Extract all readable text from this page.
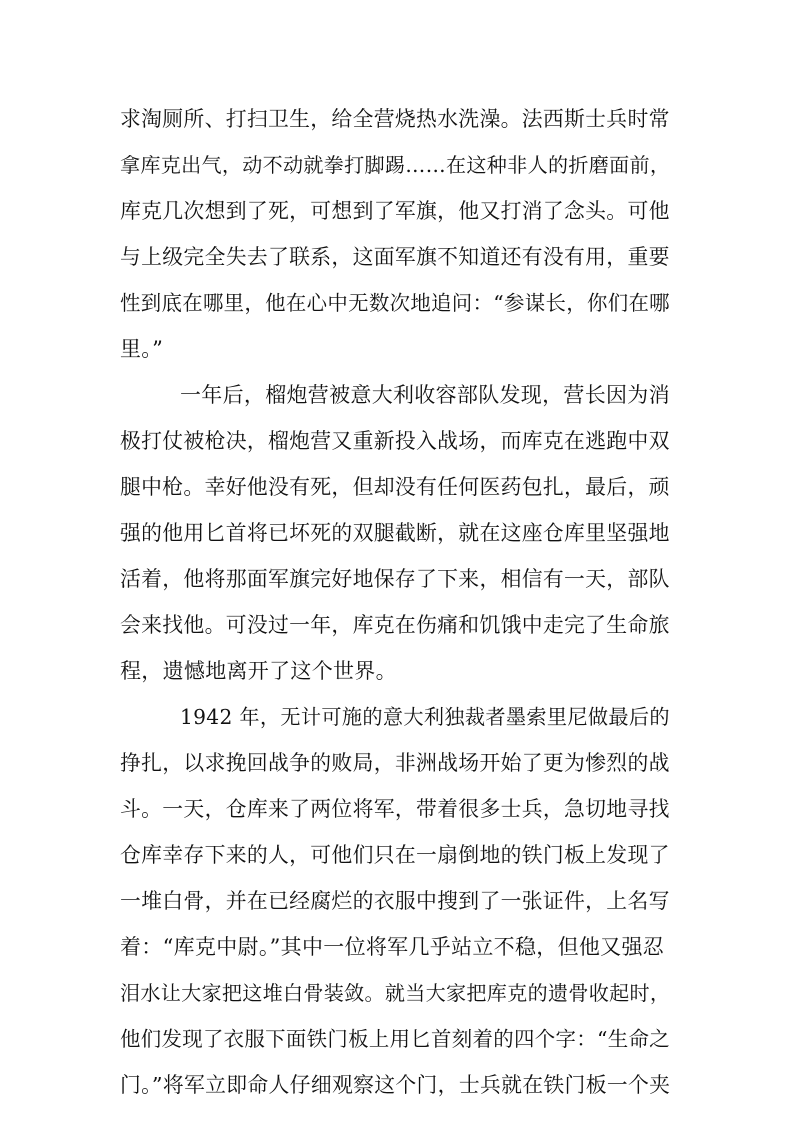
求淘厕所、打扫卫生，给全营烧热水洗澡。法西斯士兵时常
拿库克出气，动不动就拳打脚踢……在这种非人的折磨面前，
库克几次想到了死，可想到了军旗，他又打消了念头。可他
与上级完全失去了联系，这面军旗不知道还有没有用，重要
性到底在哪里，他在心中无数次地追问：“参谋长，你们在哪
里。”
一年后，榴炮营被意大利收容部队发现，营长因为消
极打仗被枪决，榴炮营又重新投入战场，而库克在逃跑中双
腿中枪。幸好他没有死，但却没有任何医药包扎，最后，顽
强的他用匕首将已坏死的双腿截断，就在这座仓库里坚强地
活着，他将那面军旗完好地保存了下来，相信有一天，部队
会来找他。可没过一年，库克在伤痛和饥饿中走完了生命旅
程，遗憾地离开了这个世界。
1942 年，无计可施的意大利独裁者墨索里尼做最后的
挣扎，以求挽回战争的败局，非洲战场开始了更为惨烈的战
斗。一天，仓库来了两位将军，带着很多士兵，急切地寻找
仓库幸存下来的人，可他们只在一扇倒地的铁门板上发现了
一堆白骨，并在已经腐烂的衣服中搜到了一张证件，上名写
着：“库克中尉。”其中一位将军几乎站立不稳，但他又强忍
泪水让大家把这堆白骨装敛。就当大家把库克的遗骨收起时，
他们发现了衣服下面铁门板上用匕首刻着的四个字：“生命之
门。”将军立即命人仔细观察这个门，士兵就在铁门板一个夹
